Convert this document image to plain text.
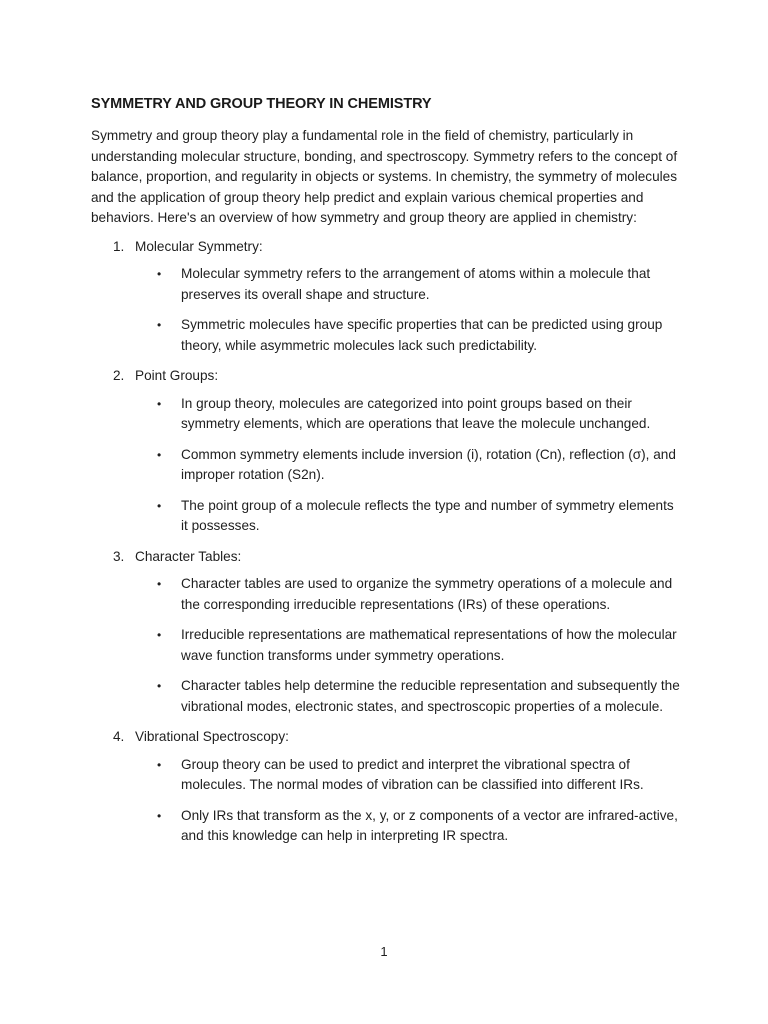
SYMMETRY AND GROUP THEORY IN CHEMISTRY
Symmetry and group theory play a fundamental role in the field of chemistry, particularly in understanding molecular structure, bonding, and spectroscopy. Symmetry refers to the concept of balance, proportion, and regularity in objects or systems. In chemistry, the symmetry of molecules and the application of group theory help predict and explain various chemical properties and behaviors. Here's an overview of how symmetry and group theory are applied in chemistry:
1. Molecular Symmetry:
• Molecular symmetry refers to the arrangement of atoms within a molecule that preserves its overall shape and structure.
• Symmetric molecules have specific properties that can be predicted using group theory, while asymmetric molecules lack such predictability.
2. Point Groups:
• In group theory, molecules are categorized into point groups based on their symmetry elements, which are operations that leave the molecule unchanged.
• Common symmetry elements include inversion (i), rotation (Cn), reflection (σ), and improper rotation (S2n).
• The point group of a molecule reflects the type and number of symmetry elements it possesses.
3. Character Tables:
• Character tables are used to organize the symmetry operations of a molecule and the corresponding irreducible representations (IRs) of these operations.
• Irreducible representations are mathematical representations of how the molecular wave function transforms under symmetry operations.
• Character tables help determine the reducible representation and subsequently the vibrational modes, electronic states, and spectroscopic properties of a molecule.
4. Vibrational Spectroscopy:
• Group theory can be used to predict and interpret the vibrational spectra of molecules. The normal modes of vibration can be classified into different IRs.
• Only IRs that transform as the x, y, or z components of a vector are infrared-active, and this knowledge can help in interpreting IR spectra.
1
